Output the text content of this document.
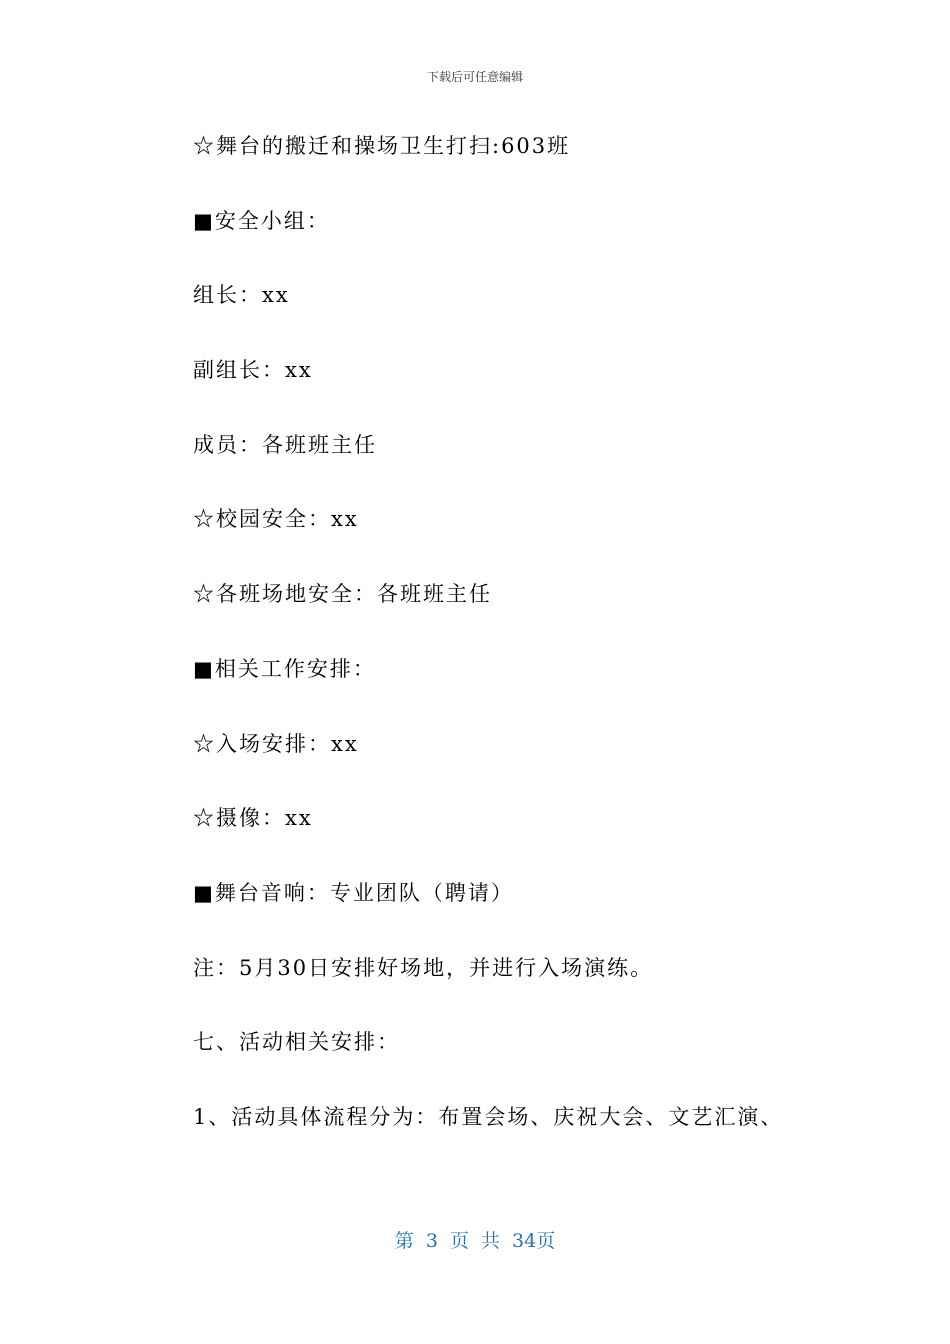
下载后可任意编辑
☆舞台的搬迁和操场卫生打扫:603班
■安全小组：
组长：xx
副组长：xx
成员：各班班主任
☆校园安全：xx
☆各班场地安全：各班班主任
■相关工作安排：
☆入场安排：xx
☆摄像：xx
■舞台音响：专业团队（聘请）
注：5月30日安排好场地，并进行入场演练。
七、活动相关安排：
1、活动具体流程分为：布置会场、庆祝大会、文艺汇演、
第 3 页 共 34页
